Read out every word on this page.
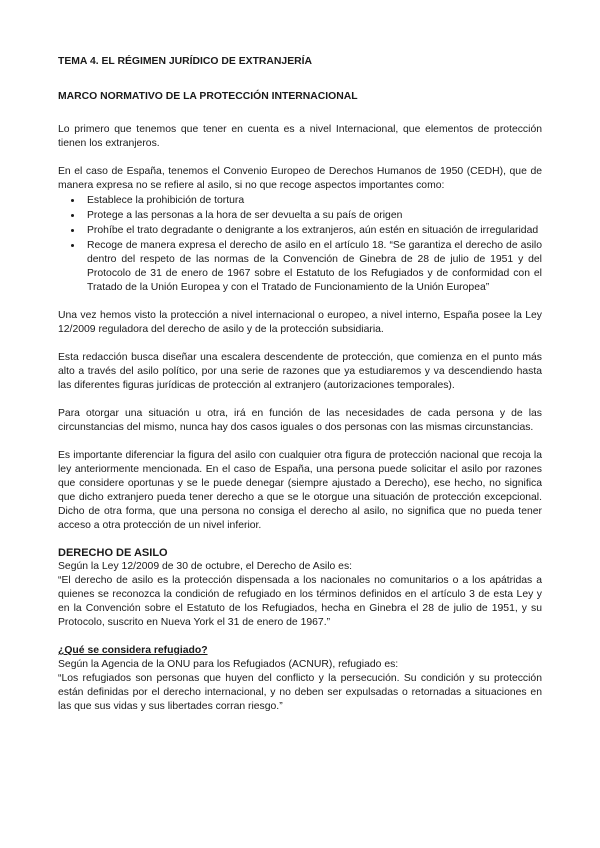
TEMA 4. EL RÉGIMEN JURÍDICO DE EXTRANJERÍA

MARCO NORMATIVO DE LA PROTECCIÓN INTERNACIONAL

Lo primero que tenemos que tener en cuenta es a nivel Internacional, que elementos de protección tienen los extranjeros.

En el caso de España, tenemos el Convenio Europeo de Derechos Humanos de 1950 (CEDH), que de manera expresa no se refiere al asilo, si no que recoge aspectos importantes como:

• Establece la prohibición de tortura
• Protege a las personas a la hora de ser devuelta a su país de origen
• Prohíbe el trato degradante o denigrante a los extranjeros, aún estén en situación de irregularidad
• Recoge de manera expresa el derecho de asilo en el artículo 18. “Se garantiza el derecho de asilo dentro del respeto de las normas de la Convención de Ginebra de 28 de julio de 1951 y del Protocolo de 31 de enero de 1967 sobre el Estatuto de los Refugiados y de conformidad con el Tratado de la Unión Europea y con el Tratado de Funcionamiento de la Unión Europea”

Una vez hemos visto la protección a nivel internacional o europeo, a nivel interno, España posee la Ley 12/2009 reguladora del derecho de asilo y de la protección subsidiaria.

Esta redacción busca diseñar una escalera descendente de protección, que comienza en el punto más alto a través del asilo político, por una serie de razones que ya estudiaremos y va descendiendo hasta las diferentes figuras jurídicas de protección al extranjero (autorizaciones temporales).

Para otorgar una situación u otra, irá en función de las necesidades de cada persona y de las circunstancias del mismo, nunca hay dos casos iguales o dos personas con las mismas circunstancias.

Es importante diferenciar la figura del asilo con cualquier otra figura de protección nacional que recoja la ley anteriormente mencionada. En el caso de España, una persona puede solicitar el asilo por razones que considere oportunas y se le puede denegar (siempre ajustado a Derecho), ese hecho, no significa que dicho extranjero pueda tener derecho a que se le otorgue una situación de protección excepcional. Dicho de otra forma, que una persona no consiga el derecho al asilo, no significa que no pueda tener acceso a otra protección de un nivel inferior.

DERECHO DE ASILO

Según la Ley 12/2009 de 30 de octubre, el Derecho de Asilo es:

“El derecho de asilo es la protección dispensada a los nacionales no comunitarios o a los apátridas a quienes se reconozca la condición de refugiado en los términos definidos en el artículo 3 de esta Ley y en la Convención sobre el Estatuto de los Refugiados, hecha en Ginebra el 28 de julio de 1951, y su Protocolo, suscrito en Nueva York el 31 de enero de 1967.”

¿Qué se considera refugiado?

Según la Agencia de la ONU para los Refugiados (ACNUR), refugiado es:

“Los refugiados son personas que huyen del conflicto y la persecución. Su condición y su protección están definidas por el derecho internacional, y no deben ser expulsadas o retornadas a situaciones en las que sus vidas y sus libertades corran riesgo.”
